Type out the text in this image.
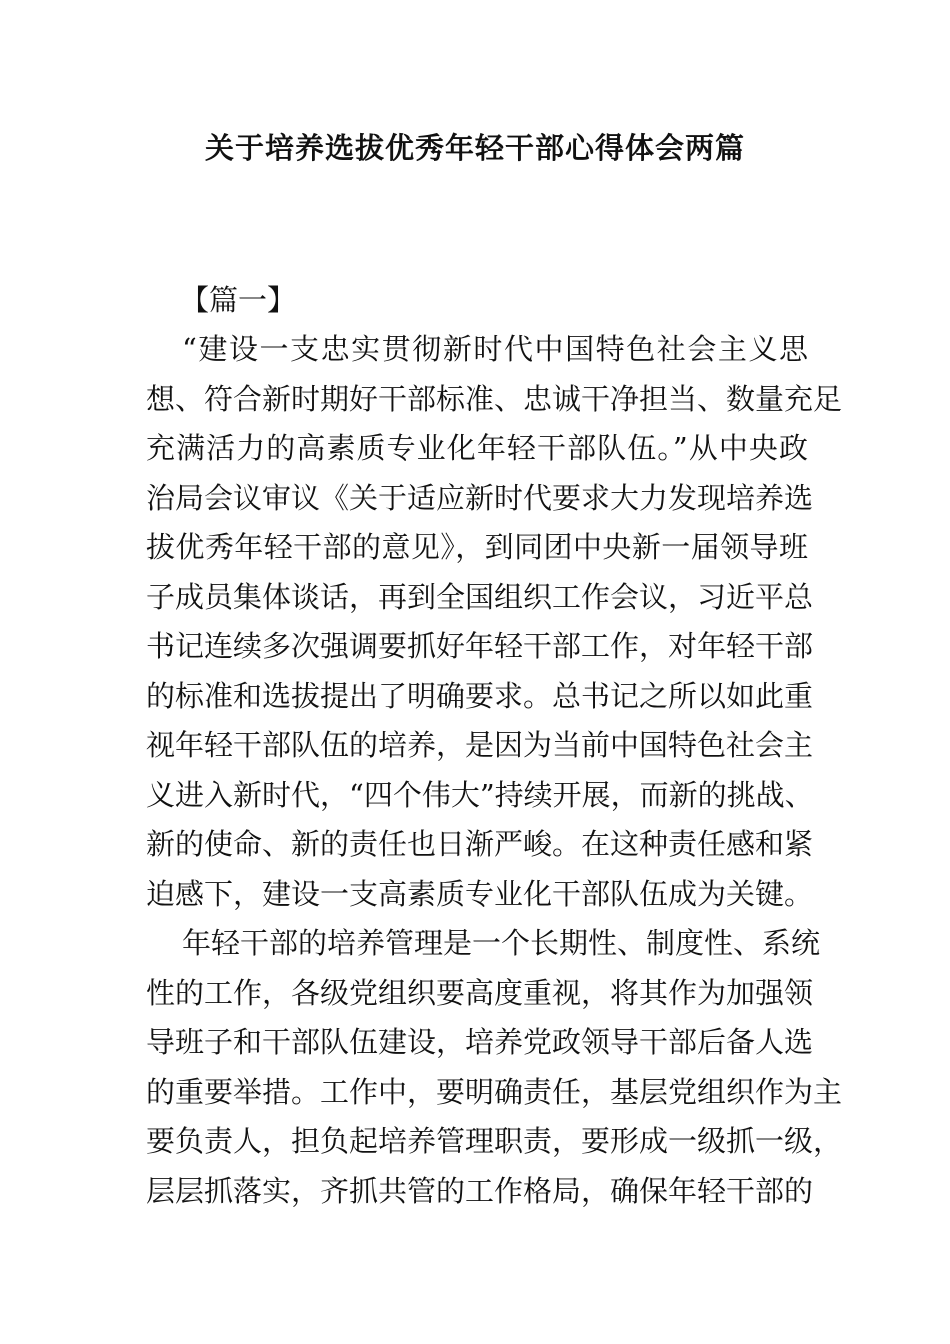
关于培养选拔优秀年轻干部心得体会两篇
【篇一】
“建设一支忠实贯彻新时代中国特色社会主义思
想、符合新时期好干部标准、忠诚干净担当、数量充足
充满活力的高素质专业化年轻干部队伍。”从中央政
治局会议审议《关于适应新时代要求大力发现培养选
拔优秀年轻干部的意见》，到同团中央新一届领导班
子成员集体谈话，再到全国组织工作会议，习近平总
书记连续多次强调要抓好年轻干部工作，对年轻干部
的标准和选拔提出了明确要求。总书记之所以如此重
视年轻干部队伍的培养，是因为当前中国特色社会主
义进入新时代，“四个伟大”持续开展，而新的挑战、
新的使命、新的责任也日渐严峻。在这种责任感和紧
迫感下，建设一支高素质专业化干部队伍成为关键。
年轻干部的培养管理是一个长期性、制度性、系统
性的工作，各级党组织要高度重视，将其作为加强领
导班子和干部队伍建设，培养党政领导干部后备人选
的重要举措。工作中，要明确责任，基层党组织作为主
要负责人，担负起培养管理职责，要形成一级抓一级，
层层抓落实，齐抓共管的工作格局，确保年轻干部的
